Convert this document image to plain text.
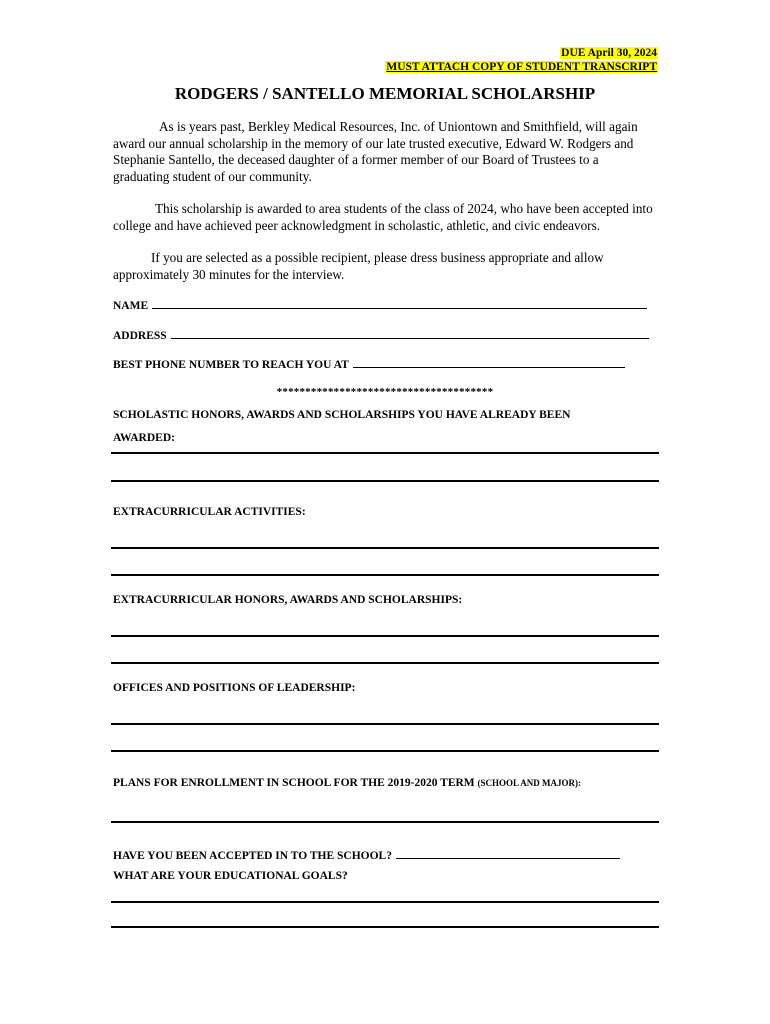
DUE April 30, 2024
MUST ATTACH COPY OF STUDENT TRANSCRIPT
RODGERS / SANTELLO MEMORIAL SCHOLARSHIP
As is years past, Berkley Medical Resources, Inc. of Uniontown and Smithfield, will again award our annual scholarship in the memory of our late trusted executive, Edward W. Rodgers and Stephanie Santello, the deceased daughter of a former member of our Board of Trustees to a graduating student of our community.
This scholarship is awarded to area students of the class of 2024, who have been accepted into college and have achieved peer acknowledgment in scholastic, athletic, and civic endeavors.
If you are selected as a possible recipient, please dress business appropriate and allow approximately 30 minutes for the interview.
NAME
ADDRESS
BEST PHONE NUMBER TO REACH YOU AT
**************************************
SCHOLASTIC HONORS, AWARDS AND SCHOLARSHIPS YOU HAVE ALREADY BEEN
AWARDED:
EXTRACURRICULAR ACTIVITIES:
EXTRACURRICULAR HONORS, AWARDS AND SCHOLARSHIPS:
OFFICES AND POSITIONS OF LEADERSHIP:
PLANS FOR ENROLLMENT IN SCHOOL FOR THE 2019-2020 TERM (SCHOOL AND MAJOR):
HAVE YOU BEEN ACCEPTED IN TO THE SCHOOL?
WHAT ARE YOUR EDUCATIONAL GOALS?
